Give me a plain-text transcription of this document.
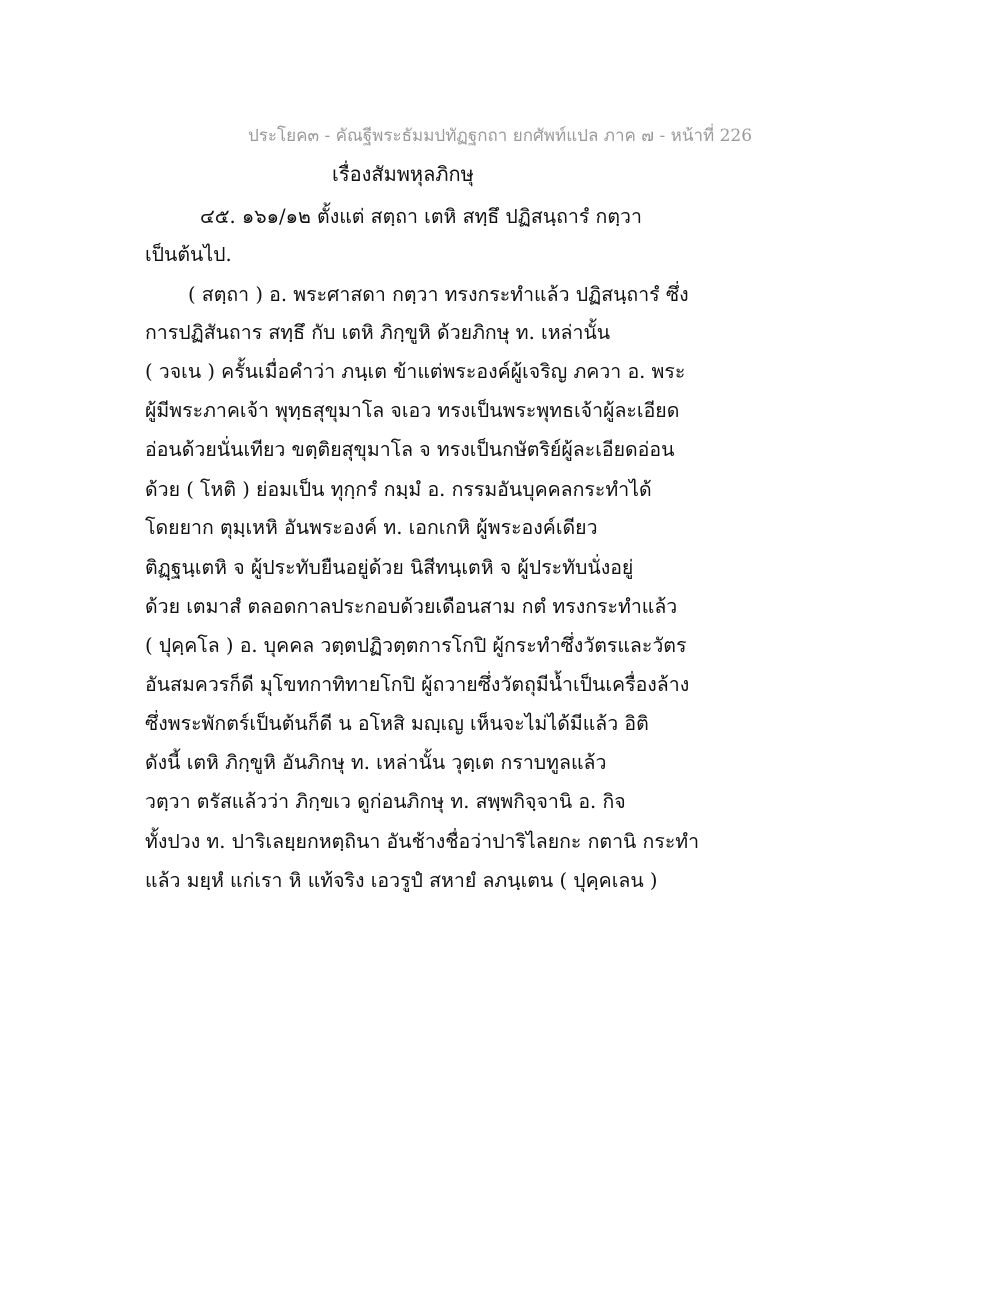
ประโยค๓ - คัณฐีพระธัมมปทัฏฐกถา ยกศัพท์แปล ภาค ๗ - หน้าที่ 226
เรื่องสัมพหุลภิกษุ
๔๕. ๑๖๑/๑๒ ตั้งแต่ สตฺถา เตหิ สทฺธึ ปฏิสนฺถารํ กตฺวา
เป็นต้นไป.
( สตฺถา ) อ. พระศาสดา กตฺวา ทรงกระทำแล้ว ปฏิสนฺถารํ ซึ่ง
การปฏิสันถาร สทฺธึ กับ เตหิ ภิกฺขูหิ ด้วยภิกษุ ท. เหล่านั้น
( วจเน ) ครั้นเมื่อคำว่า ภนฺเต ข้าแต่พระองค์ผู้เจริญ ภควา อ. พระ
ผู้มีพระภาคเจ้า พุทฺธสุขุมาโล จเอว ทรงเป็นพระพุทธเจ้าผู้ละเอียด
อ่อนด้วยนั่นเทียว ขตฺติยสุขุมาโล จ ทรงเป็นกษัตริย์ผู้ละเอียดอ่อน
ด้วย ( โหติ ) ย่อมเป็น ทุกฺกรํ กมฺมํ อ. กรรมอันบุคคลกระทำได้
โดยยาก ตุมฺเหหิ อันพระองค์ ท. เอกเกหิ ผู้พระองค์เดียว
ติฏฺฐนฺเตหิ จ ผู้ประทับยืนอยู่ด้วย นิสีทนฺเตหิ จ ผู้ประทับนั่งอยู่
ด้วย เตมาสํ ตลอดกาลประกอบด้วยเดือนสาม กตํ ทรงกระทำแล้ว
( ปุคฺคโล ) อ. บุคคล วตฺตปฏิวตฺตการโกปิ ผู้กระทำซึ่งวัตรและวัตร
อันสมควรก็ดี มุโขทกาทิทายโกปิ ผู้ถวายซึ่งวัตถุมีน้ำเป็นเครื่องล้าง
ซึ่งพระพักตร์เป็นต้นก็ดี น อโหสิ มญฺเญ เห็นจะไม่ได้มีแล้ว อิติ
ดังนี้ เตหิ ภิกฺขูหิ อันภิกษุ ท. เหล่านั้น วุตฺเต กราบทูลแล้ว
วตฺวา ตรัสแล้วว่า ภิกฺขเว ดูก่อนภิกษุ ท. สพฺพกิจฺจานิ อ. กิจ
ทั้งปวง ท. ปาริเลยฺยกหตฺถินา อันช้างชื่อว่าปาริไลยกะ กตานิ กระทำ
แล้ว มยฺหํ แก่เรา หิ แท้จริง เอวรูปํ สหายํ ลภนฺเตน ( ปุคฺคเลน )
